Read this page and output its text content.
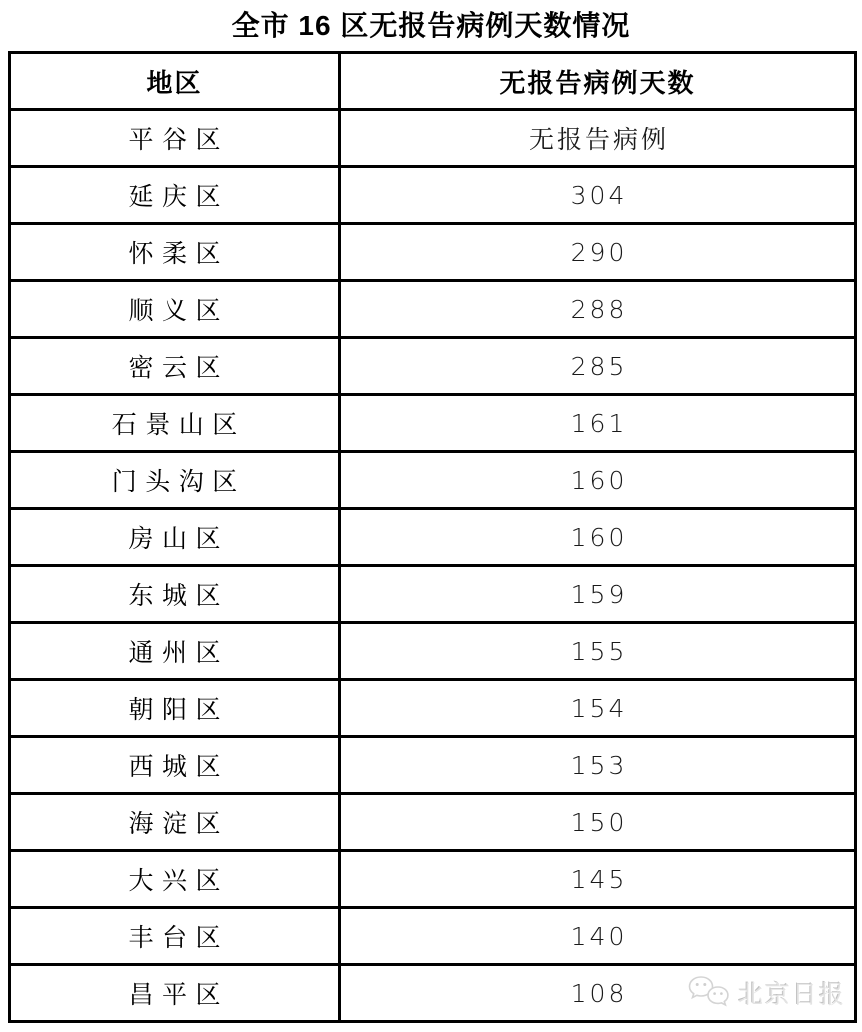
全市 16 区无报告病例天数情况
地区	无报告病例天数
平谷区	无报告病例
延庆区	304
怀柔区	290
顺义区	288
密云区	285
石景山区	161
门头沟区	160
房山区	160
东城区	159
通州区	155
朝阳区	154
西城区	153
海淀区	150
大兴区	145
丰台区	140
昌平区	108	北京日报
